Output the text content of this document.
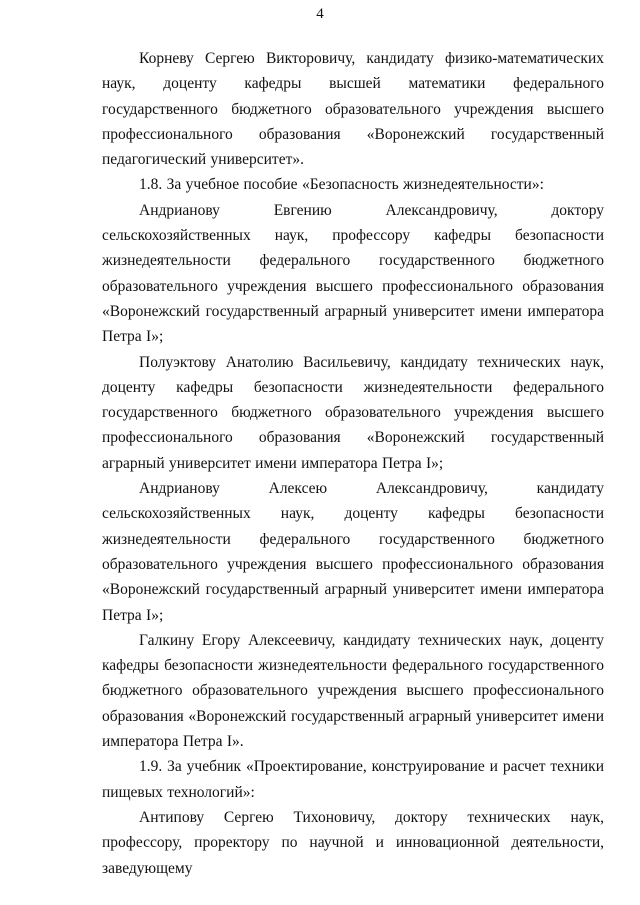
4

Корневу Сергею Викторовичу, кандидату физико-математических наук, доценту кафедры высшей математики федерального государственного бюджетного образовательного учреждения высшего профессионального образования «Воронежский государственный педагогический университет».

1.8. За учебное пособие «Безопасность жизнедеятельности»:

Андрианову Евгению Александровичу, доктору сельскохозяйственных наук, профессору кафедры безопасности жизнедеятельности федерального государственного бюджетного образовательного учреждения высшего профессионального образования «Воронежский государственный аграрный университет имени императора Петра I»;

Полуэктову Анатолию Васильевичу, кандидату технических наук, доценту кафедры безопасности жизнедеятельности федерального государственного бюджетного образовательного учреждения высшего профессионального образования «Воронежский государственный аграрный университет имени императора Петра I»;

Андрианову Алексею Александровичу, кандидату сельскохозяйственных наук, доценту кафедры безопасности жизнедеятельности федерального государственного бюджетного образовательного учреждения высшего профессионального образования «Воронежский государственный аграрный университет имени императора Петра I»;

Галкину Егору Алексеевичу, кандидату технических наук, доценту кафедры безопасности жизнедеятельности федерального государственного бюджетного образовательного учреждения высшего профессионального образования «Воронежский государственный аграрный университет имени императора Петра I».

1.9. За учебник «Проектирование, конструирование и расчет техники пищевых технологий»:

Антипову Сергею Тихоновичу, доктору технических наук, профессору, проректору по научной и инновационной деятельности, заведующему
